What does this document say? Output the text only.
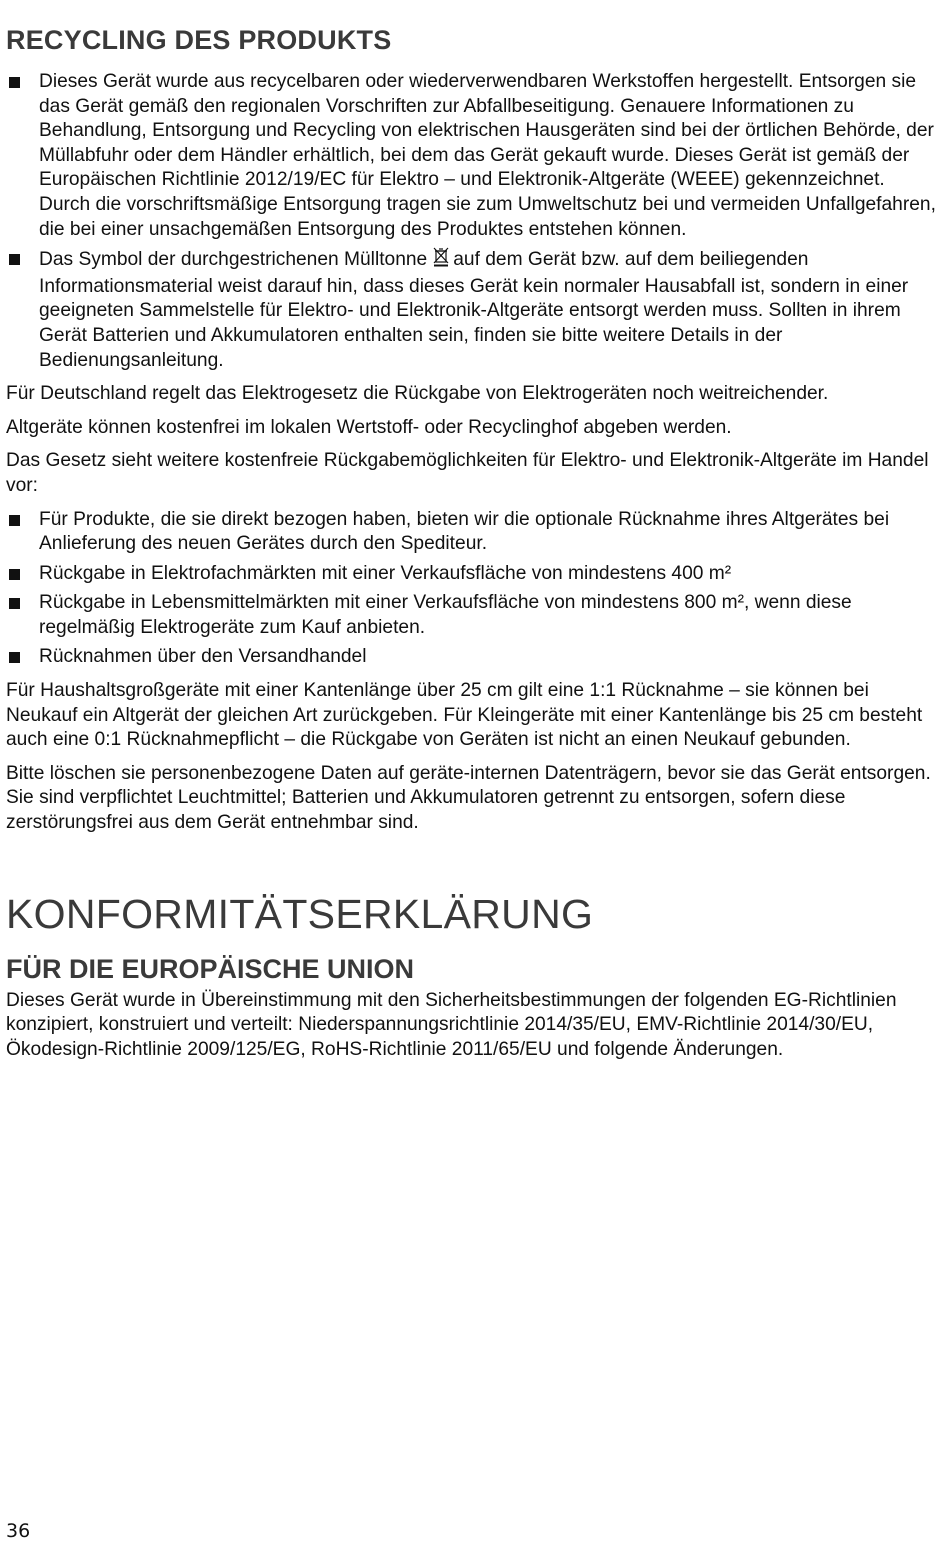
RECYCLING DES PRODUKTS
Dieses Gerät wurde aus recycelbaren oder wiederverwendbaren Werkstoffen hergestellt. Entsorgen sie das Gerät gemäß den regionalen Vorschriften zur Abfallbeseitigung. Genauere Informationen zu Behandlung, Entsorgung und Recycling von elektrischen Hausgeräten sind bei der örtlichen Behörde, der Müllabfuhr oder dem Händler erhältlich, bei dem das Gerät gekauft wurde. Dieses Gerät ist gemäß der Europäischen Richtlinie 2012/19/EC für Elektro – und Elektronik-Altgeräte (WEEE) gekennzeichnet. Durch die vorschriftsmäßige Entsorgung tragen sie zum Umweltschutz bei und vermeiden Unfallgefahren, die bei einer unsachgemäßen Entsorgung des Produktes entstehen können.
Das Symbol der durchgestrichenen Mülltonne auf dem Gerät bzw. auf dem beiliegenden Informationsmaterial weist darauf hin, dass dieses Gerät kein normaler Hausabfall ist, sondern in einer geeigneten Sammelstelle für Elektro- und Elektronik-Altgeräte entsorgt werden muss. Sollten in ihrem Gerät Batterien und Akkumulatoren enthalten sein, finden sie bitte weitere Details in der Bedienungsanleitung.

Für Deutschland regelt das Elektrogesetz die Rückgabe von Elektrogeräten noch weitreichender.

Altgeräte können kostenfrei im lokalen Wertstoff- oder Recyclinghof abgeben werden.

Das Gesetz sieht weitere kostenfreie Rückgabemöglichkeiten für Elektro- und Elektronik-Altgeräte im Handel vor:

Für Produkte, die sie direkt bezogen haben, bieten wir die optionale Rücknahme ihres Altgerätes bei Anlieferung des neuen Gerätes durch den Spediteur.
Rückgabe in Elektrofachmärkten mit einer Verkaufsfläche von mindestens 400 m²
Rückgabe in Lebensmittelmärkten mit einer Verkaufsfläche von mindestens 800 m², wenn diese regelmäßig Elektrogeräte zum Kauf anbieten.
Rücknahmen über den Versandhandel

Für Haushaltsgroßgeräte mit einer Kantenlänge über 25 cm gilt eine 1:1 Rücknahme – sie können bei Neukauf ein Altgerät der gleichen Art zurückgeben. Für Kleingeräte mit einer Kantenlänge bis 25 cm besteht auch eine 0:1 Rücknahmepflicht – die Rückgabe von Geräten ist nicht an einen Neukauf gebunden.

Bitte löschen sie personenbezogene Daten auf geräte-internen Datenträgern, bevor sie das Gerät entsorgen. Sie sind verpflichtet Leuchtmittel; Batterien und Akkumulatoren getrennt zu entsorgen, sofern diese zerstörungsfrei aus dem Gerät entnehmbar sind.

KONFORMITÄTSERKLÄRUNG
FÜR DIE EUROPÄISCHE UNION

Dieses Gerät wurde in Übereinstimmung mit den Sicherheitsbestimmungen der folgenden EG-Richtlinien konzipiert, konstruiert und verteilt: Niederspannungsrichtlinie 2014/35/EU, EMV-Richtlinie 2014/30/EU, Ökodesign-Richtlinie 2009/125/EG, RoHS-Richtlinie 2011/65/EU und folgende Änderungen.

36
